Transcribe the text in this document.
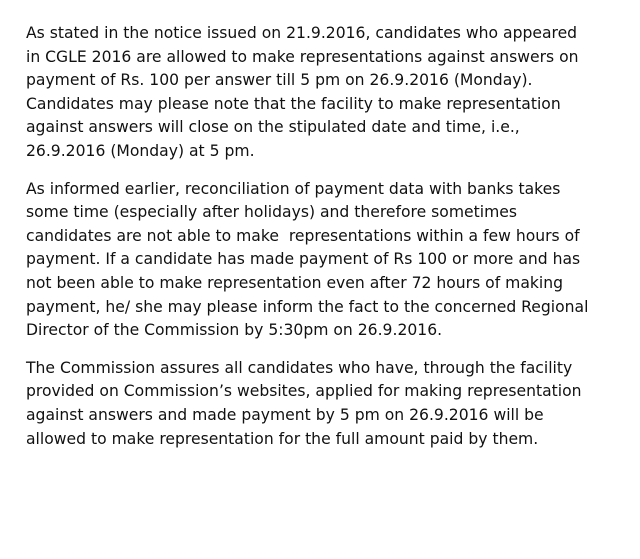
As stated in the notice issued on 21.9.2016, candidates who appeared
in CGLE 2016 are allowed to make representations against answers on
payment of Rs. 100 per answer till 5 pm on 26.9.2016 (Monday).
Candidates may please note that the facility to make representation
against answers will close on the stipulated date and time, i.e.,
26.9.2016 (Monday) at 5 pm.
As informed earlier, reconciliation of payment data with banks takes
some time (especially after holidays) and therefore sometimes
candidates are not able to make  representations within a few hours of
payment. If a candidate has made payment of Rs 100 or more and has
not been able to make representation even after 72 hours of making
payment, he/ she may please inform the fact to the concerned Regional
Director of the Commission by 5:30pm on 26.9.2016.
The Commission assures all candidates who have, through the facility
provided on Commission’s websites, applied for making representation
against answers and made payment by 5 pm on 26.9.2016 will be
allowed to make representation for the full amount paid by them.
